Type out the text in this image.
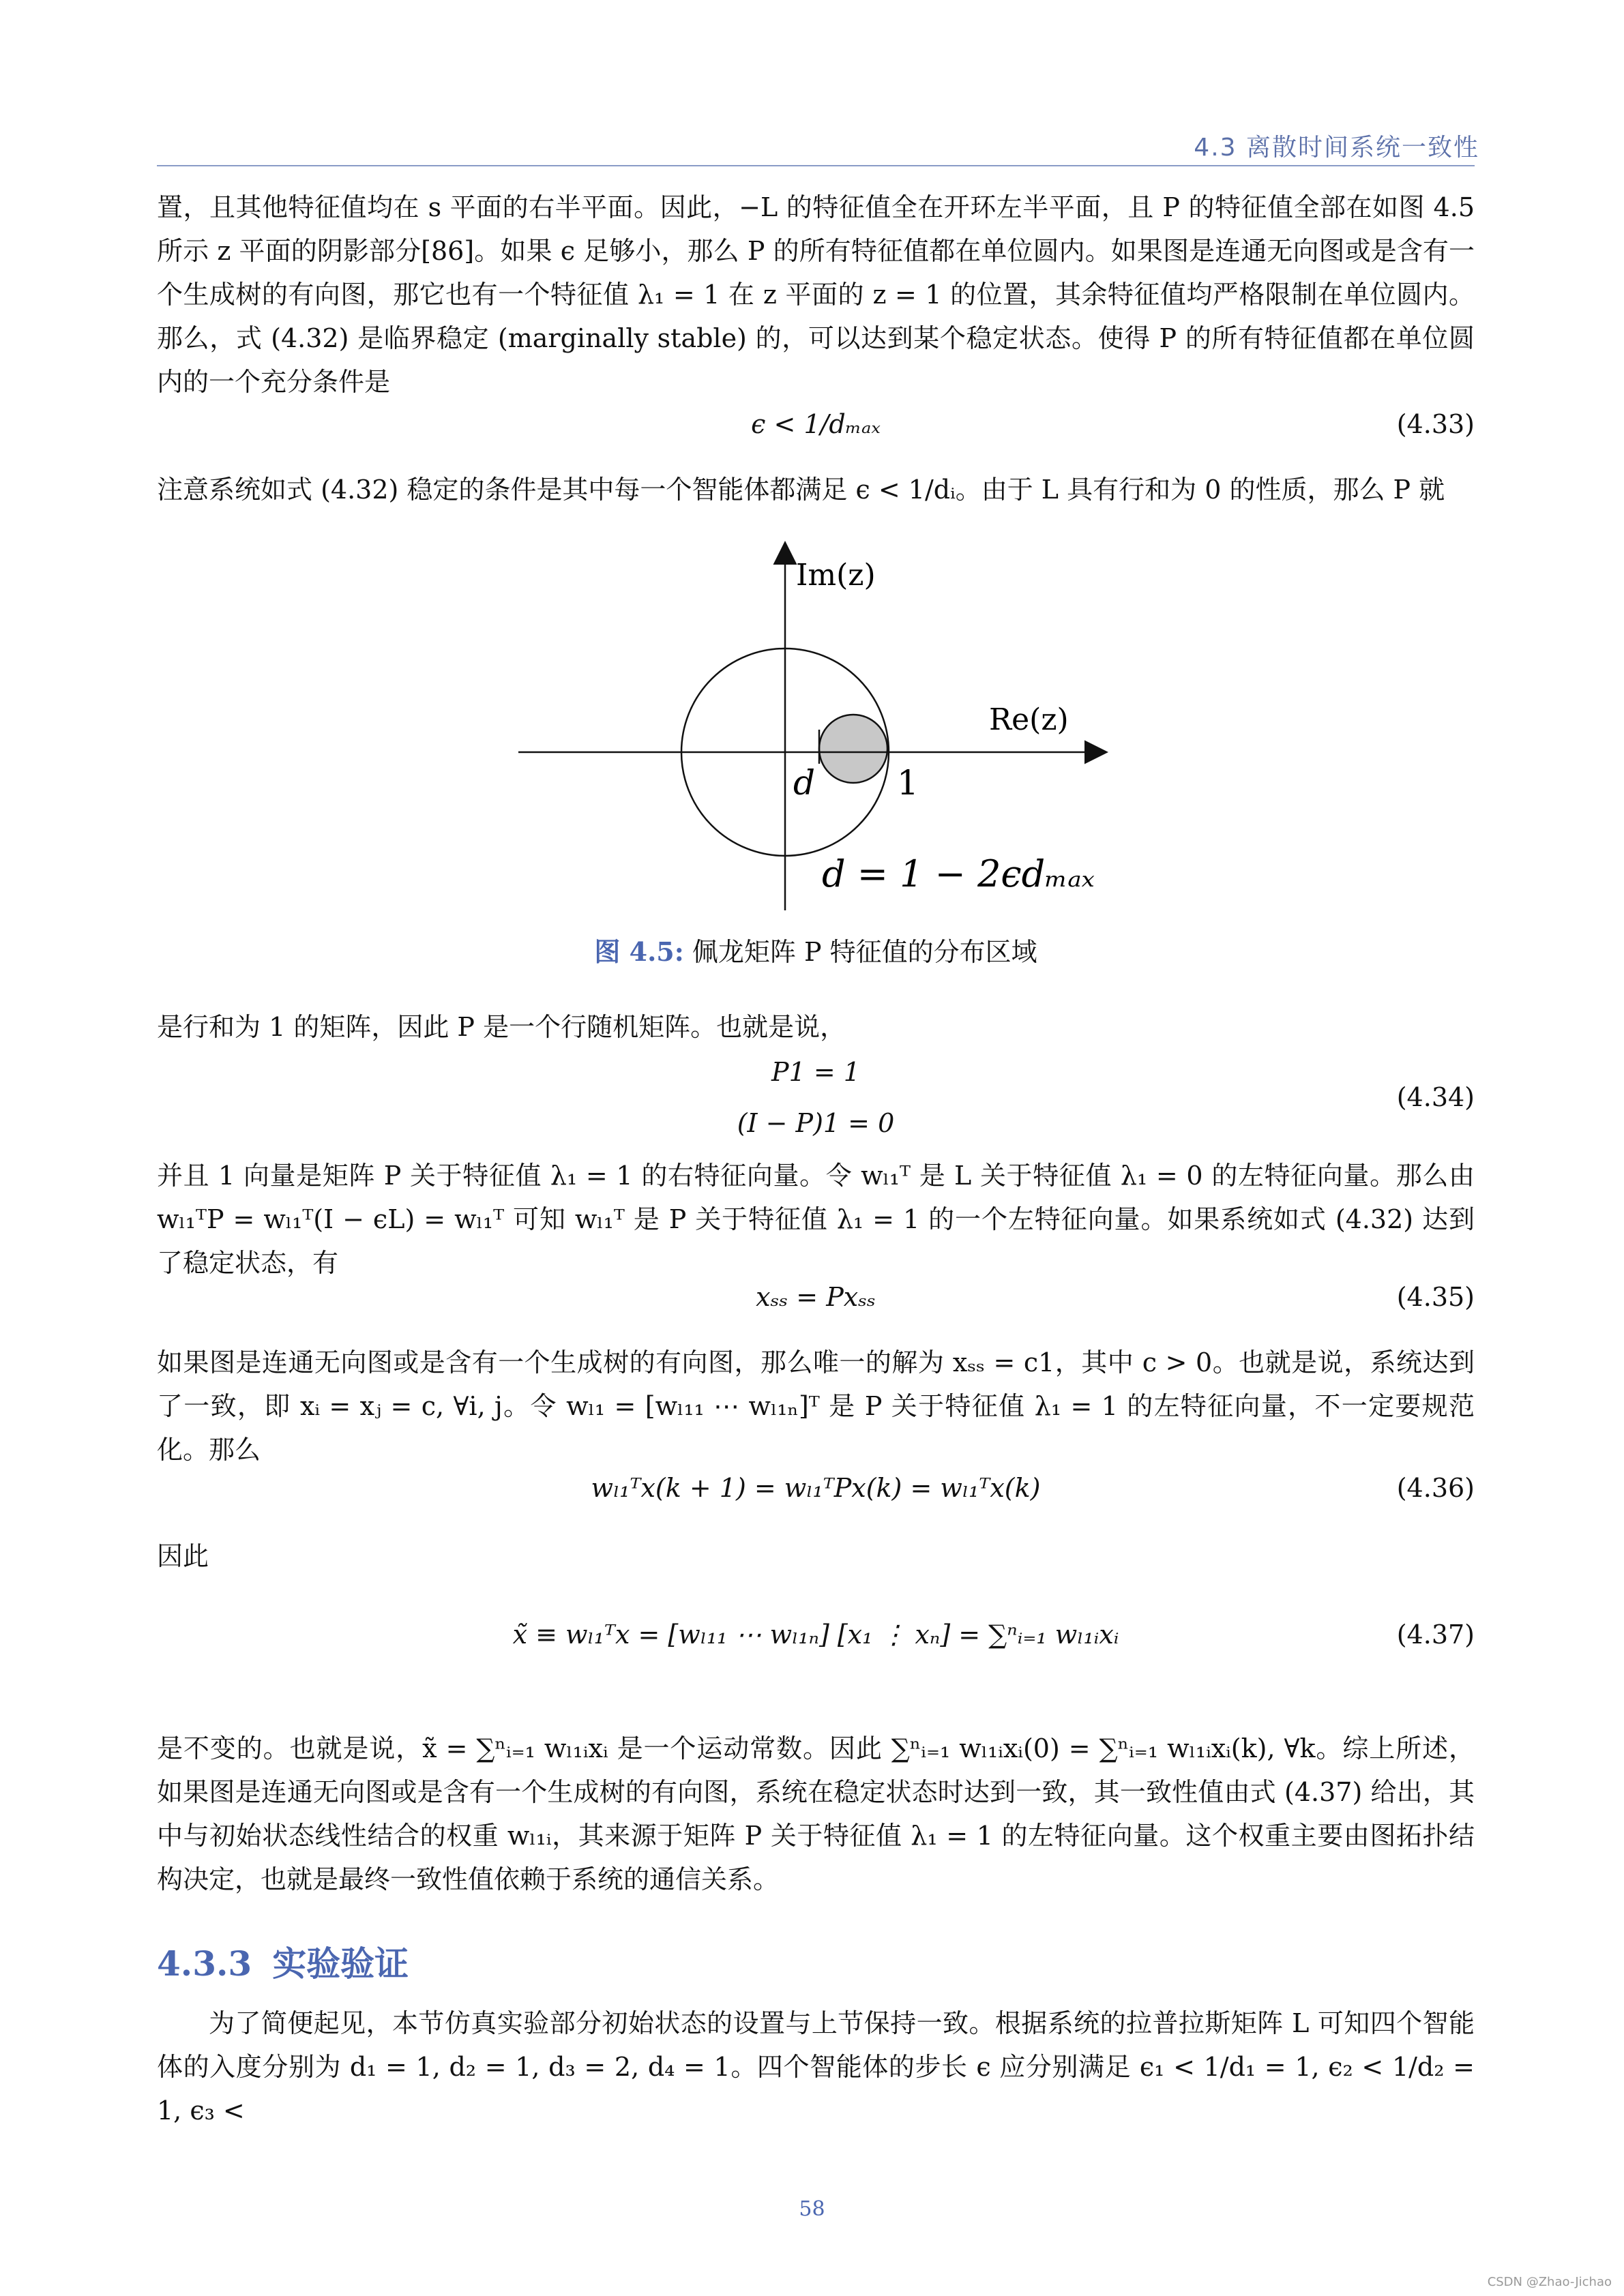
4.3 离散时间系统一致性
置，且其他特征值均在 s 平面的右半平面。因此，−L 的特征值全在开环左半平面，且 P 的特征值全部在如图 4.5 所示 z 平面的阴影部分[86]。如果 ϵ 足够小，那么 P 的所有特征值都在单位圆内。如果图是连通无向图或是含有一个生成树的有向图，那它也有一个特征值 λ₁ = 1 在 z 平面的 z = 1 的位置，其余特征值均严格限制在单位圆内。那么，式 (4.32) 是临界稳定 (marginally stable) 的，可以达到某个稳定状态。使得 P 的所有特征值都在单位圆内的一个充分条件是
ϵ < 1/dₘₐₓ	(4.33)
注意系统如式 (4.32) 稳定的条件是其中每一个智能体都满足 ϵ < 1/dᵢ。由于 L 具有行和为 0 的性质，那么 P 就
Im(z)
Re(z)
d 1
d = 1 − 2ϵdₘₐₓ
图 4.5: 佩龙矩阵 P 特征值的分布区域
是行和为 1 的矩阵，因此 P 是一个行随机矩阵。也就是说，
P1 = 1
(I − P)1 = 0
(4.34)
并且 1 向量是矩阵 P 关于特征值 λ₁ = 1 的右特征向量。令 wₗ₁ᵀ 是 L 关于特征值 λ₁ = 0 的左特征向量。那么由 wₗ₁ᵀP = wₗ₁ᵀ(I − ϵL) = wₗ₁ᵀ 可知 wₗ₁ᵀ 是 P 关于特征值 λ₁ = 1 的一个左特征向量。如果系统如式 (4.32) 达到了稳定状态，有
xₛₛ = Pxₛₛ	(4.35)
如果图是连通无向图或是含有一个生成树的有向图，那么唯一的解为 xₛₛ = c1，其中 c > 0。也就是说，系统达到了一致，即 xᵢ = xⱼ = c, ∀i, j。令 wₗ₁ = [wₗ₁₁ ⋯ wₗ₁ₙ]ᵀ 是 P 关于特征值 λ₁ = 1 的左特征向量，不一定要规范化。那么
wₗ₁ᵀx(k + 1) = wₗ₁ᵀPx(k) = wₗ₁ᵀx(k)	(4.36)
因此
x̃ ≡ wₗ₁ᵀx = [wₗ₁₁ ⋯ wₗ₁ₙ] [x₁ ⋮ xₙ] = ∑ⁿᵢ₌₁ wₗ₁ᵢxᵢ	(4.37)
是不变的。也就是说，x̃ = ∑ⁿᵢ₌₁ wₗ₁ᵢxᵢ 是一个运动常数。因此 ∑ⁿᵢ₌₁ wₗ₁ᵢxᵢ(0) = ∑ⁿᵢ₌₁ wₗ₁ᵢxᵢ(k), ∀k。综上所述，如果图是连通无向图或是含有一个生成树的有向图，系统在稳定状态时达到一致，其一致性值由式 (4.37) 给出，其中与初始状态线性结合的权重 wₗ₁ᵢ，其来源于矩阵 P 关于特征值 λ₁ = 1 的左特征向量。这个权重主要由图拓扑结构决定，也就是最终一致性值依赖于系统的通信关系。
4.3.3 实验验证
为了简便起见，本节仿真实验部分初始状态的设置与上节保持一致。根据系统的拉普拉斯矩阵 L 可知四个智能体的入度分别为 d₁ = 1, d₂ = 1, d₃ = 2, d₄ = 1。四个智能体的步长 ϵ 应分别满足 ϵ₁ < 1/d₁ = 1, ϵ₂ < 1/d₂ = 1, ϵ₃ <
58
CSDN @Zhao-Jichao
